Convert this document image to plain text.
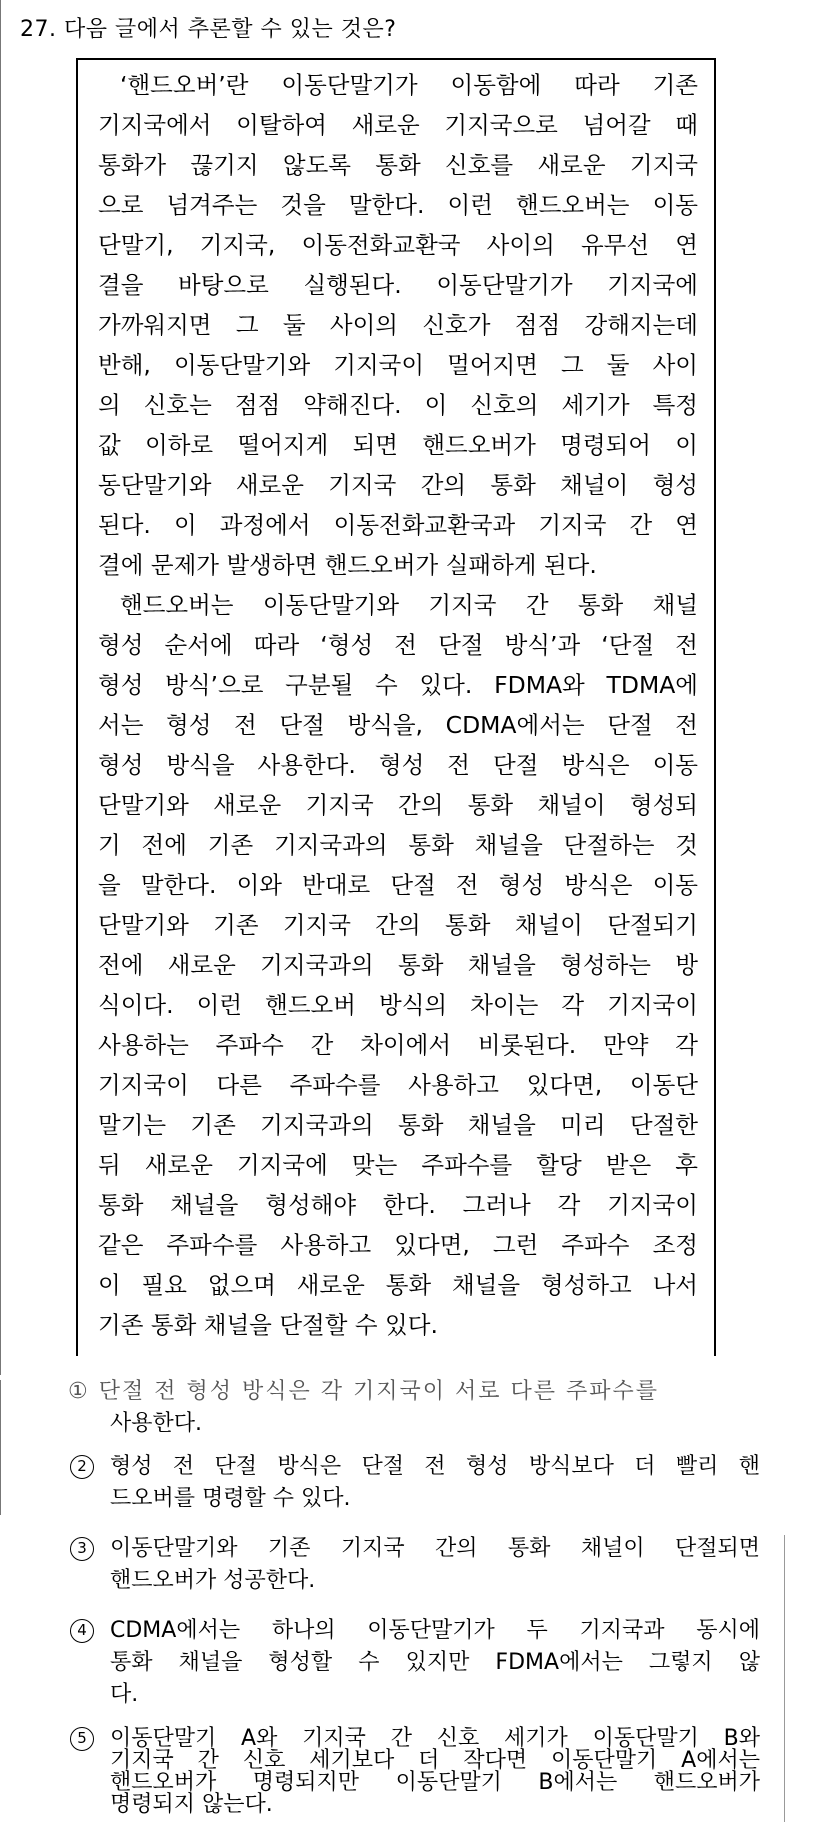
27. 다음 글에서 추론할 수 있는 것은?
‘핸드오버’란 이동단말기가 이동함에 따라 기존
기지국에서 이탈하여 새로운 기지국으로 넘어갈 때
통화가 끊기지 않도록 통화 신호를 새로운 기지국
으로 넘겨주는 것을 말한다. 이런 핸드오버는 이동
단말기, 기지국, 이동전화교환국 사이의 유무선 연
결을 바탕으로 실행된다. 이동단말기가 기지국에
가까워지면 그 둘 사이의 신호가 점점 강해지는데
반해, 이동단말기와 기지국이 멀어지면 그 둘 사이
의 신호는 점점 약해진다. 이 신호의 세기가 특정
값 이하로 떨어지게 되면 핸드오버가 명령되어 이
동단말기와 새로운 기지국 간의 통화 채널이 형성
된다. 이 과정에서 이동전화교환국과 기지국 간 연
결에 문제가 발생하면 핸드오버가 실패하게 된다.
핸드오버는 이동단말기와 기지국 간 통화 채널
형성 순서에 따라 ‘형성 전 단절 방식’과 ‘단절 전
형성 방식’으로 구분될 수 있다. FDMA와 TDMA에
서는 형성 전 단절 방식을, CDMA에서는 단절 전
형성 방식을 사용한다. 형성 전 단절 방식은 이동
단말기와 새로운 기지국 간의 통화 채널이 형성되
기 전에 기존 기지국과의 통화 채널을 단절하는 것
을 말한다. 이와 반대로 단절 전 형성 방식은 이동
단말기와 기존 기지국 간의 통화 채널이 단절되기
전에 새로운 기지국과의 통화 채널을 형성하는 방
식이다. 이런 핸드오버 방식의 차이는 각 기지국이
사용하는 주파수 간 차이에서 비롯된다. 만약 각
기지국이 다른 주파수를 사용하고 있다면, 이동단
말기는 기존 기지국과의 통화 채널을 미리 단절한
뒤 새로운 기지국에 맞는 주파수를 할당 받은 후
통화 채널을 형성해야 한다. 그러나 각 기지국이
같은 주파수를 사용하고 있다면, 그런 주파수 조정
이 필요 없으며 새로운 통화 채널을 형성하고 나서
기존 통화 채널을 단절할 수 있다.
① 단절 전 형성 방식은 각 기지국이 서로 다른 주파수를
사용한다.
2	형성 전 단절 방식은 단절 전 형성 방식보다 더 빨리 핸
드오버를 명령할 수 있다.
3	이동단말기와 기존 기지국 간의 통화 채널이 단절되면
핸드오버가 성공한다.
4	CDMA에서는 하나의 이동단말기가 두 기지국과 동시에
통화 채널을 형성할 수 있지만 FDMA에서는 그렇지 않
다.
5	이동단말기 A와 기지국 간 신호 세기가 이동단말기 B와
기지국 간 신호 세기보다 더 작다면 이동단말기 A에서는
핸드오버가 명령되지만 이동단말기 B에서는 핸드오버가
명령되지 않는다.
